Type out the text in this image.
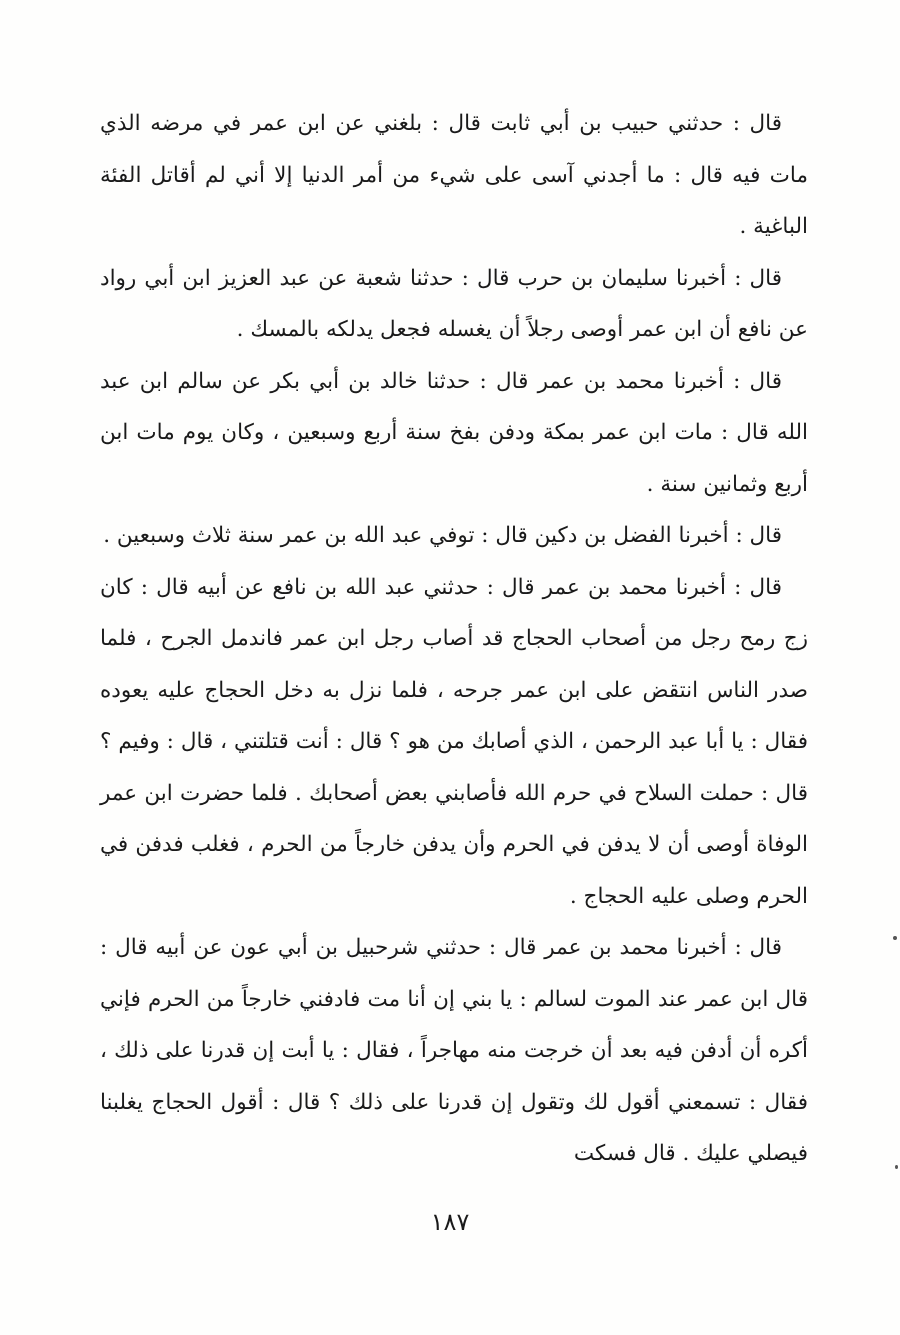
قال : حدثني حبيب بن أبي ثابت قال : بلغني عن ابن عمر في مرضه الذي مات فيه قال : ما أجدني آسى على شيء من أمر الدنيا إلا أني لم أقاتل الفئة الباغية .

قال : أخبرنا سليمان بن حرب قال : حدثنا شعبة عن عبد العزيز ابن أبي رواد عن نافع أن ابن عمر أوصى رجلاً أن يغسله فجعل يدلكه بالمسك .

قال : أخبرنا محمد بن عمر قال : حدثنا خالد بن أبي بكر عن سالم ابن عبد الله قال : مات ابن عمر بمكة ودفن بفخ سنة أربع وسبعين ، وكان يوم مات ابن أربع وثمانين سنة .

قال : أخبرنا الفضل بن دكين قال : توفي عبد الله بن عمر سنة ثلاث وسبعين .

قال : أخبرنا محمد بن عمر قال : حدثني عبد الله بن نافع عن أبيه قال : كان زج رمح رجل من أصحاب الحجاج قد أصاب رجل ابن عمر فاندمل الجرح ، فلما صدر الناس انتقض على ابن عمر جرحه ، فلما نزل به دخل الحجاج عليه يعوده فقال : يا أبا عبد الرحمن ، الذي أصابك من هو ؟ قال : أنت قتلتني ، قال : وفيم ؟ قال : حملت السلاح في حرم الله فأصابني بعض أصحابك . فلما حضرت ابن عمر الوفاة أوصى أن لا يدفن في الحرم وأن يدفن خارجاً من الحرم ، فغلب فدفن في الحرم وصلى عليه الحجاج .

قال : أخبرنا محمد بن عمر قال : حدثني شرحبيل بن أبي عون عن أبيه قال : قال ابن عمر عند الموت لسالم : يا بني إن أنا مت فادفني خارجاً من الحرم فإني أكره أن أدفن فيه بعد أن خرجت منه مهاجراً ، فقال : يا أبت إن قدرنا على ذلك ، فقال : تسمعني أقول لك وتقول إن قدرنا على ذلك ؟ قال : أقول الحجاج يغلبنا فيصلي عليك . قال فسكت

١٨٧
